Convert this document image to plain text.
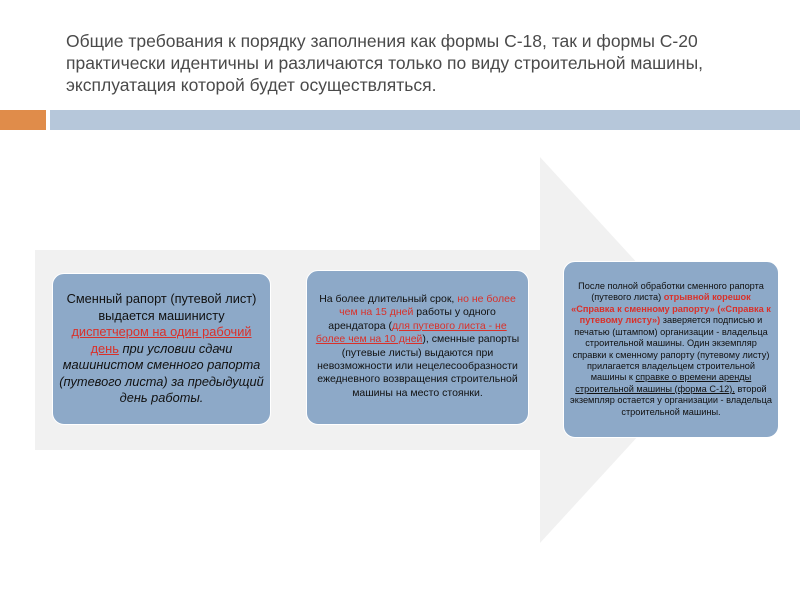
Общие требования к порядку заполнения как формы С-18, так и формы С-20 практически идентичны и различаются только по виду строительной машины, эксплуатация которой будет осуществляться.

Сменный рапорт (путевой лист) выдается машинисту диспетчером на один рабочий день при условии сдачи машинистом сменного рапорта (путевого листа) за предыдущий день работы.

На более длительный срок, но не более чем на 15 дней работы у одного арендатора (для путевого листа - не более чем на 10 дней), сменные рапорты (путевые листы) выдаются при невозможности или нецелесообразности ежедневного возвращения строительной машины на место стоянки.

После полной обработки сменного рапорта (путевого листа) отрывной корешок «Справка к сменному рапорту» («Справка к путевому листу») заверяется подписью и печатью (штампом) организации - владельца строительной машины. Один экземпляр справки к сменному рапорту (путевому листу) прилагается владельцем строительной машины к справке о времени аренды строительной машины (форма С-12), второй экземпляр остается у организации - владельца строительной машины.
